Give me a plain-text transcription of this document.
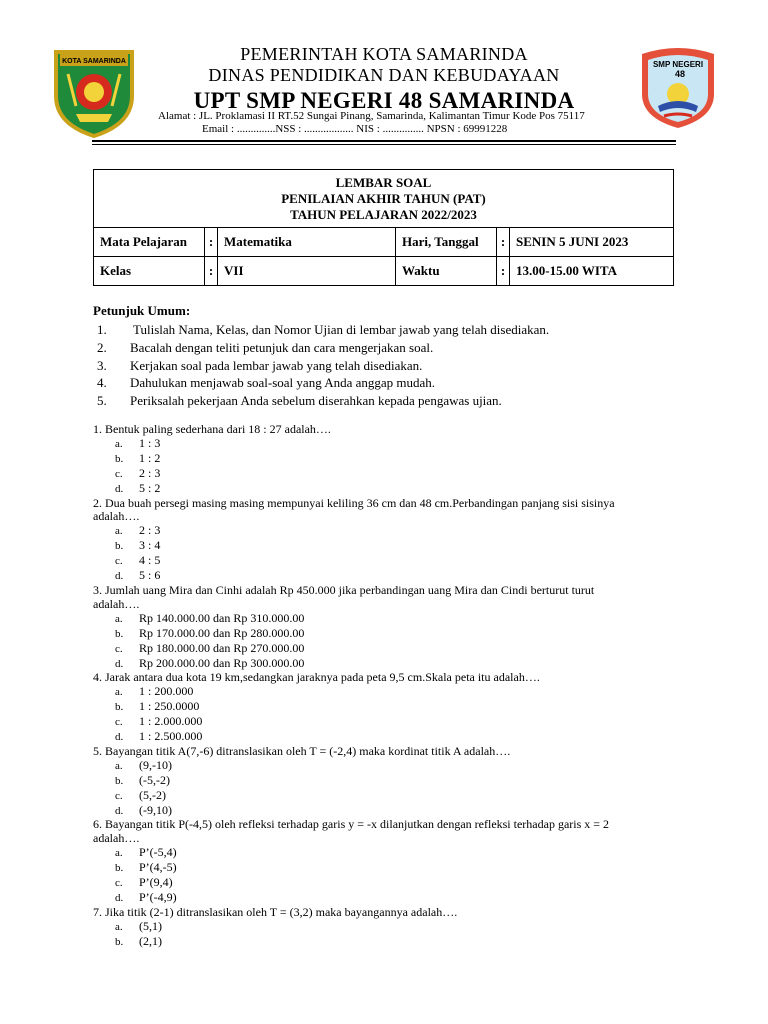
KOTA SAMARINDA	PEMERINTAH KOTA SAMARINDA
DINAS PENDIDIKAN DAN KEBUDAYAAN
UPT SMP NEGERI 48 SAMARINDA
Alamat : JL. Proklamasi II RT.52 Sungai Pinang, Samarinda, Kalimantan Timur Kode Pos 75117
Email : ..............NSS : .................. NIS : ............... NPSN : 69991228
SMP NEGERI
48
LEMBAR SOAL
PENILAIAN AKHIR TAHUN (PAT)
TAHUN PELAJARAN 2022/2023					

Mata Pelajaran	:	Matematika	Hari, Tanggal	:	SENIN 5 JUNI 2023
Kelas	:	VII	Waktu	:	13.00-15.00 WITA
Petunjuk Umum:
1. Tulislah Nama, Kelas, dan Nomor Ujian di lembar jawab yang telah disediakan.
2. Bacalah dengan teliti petunjuk dan cara mengerjakan soal.
3. Kerjakan soal pada lembar jawab yang telah disediakan.
4. Dahulukan menjawab soal-soal yang Anda anggap mudah.
5. Periksalah pekerjaan Anda sebelum diserahkan kepada pengawas ujian.
1. Bentuk paling sederhana dari 18 : 27 adalah….
a. 1 : 3
b. 1 : 2
c. 2 : 3
d. 5 : 2
2. Dua buah persegi masing masing mempunyai keliling 36 cm dan 48 cm.Perbandingan panjang sisi sisinya
adalah….
a. 2 : 3
b. 3 : 4
c. 4 : 5
d. 5 : 6
3. Jumlah uang Mira dan Cinhi adalah Rp 450.000 jika perbandingan uang Mira dan Cindi berturut turut
adalah….
a. Rp 140.000.00 dan Rp 310.000.00
b. Rp 170.000.00 dan Rp 280.000.00
c. Rp 180.000.00 dan Rp 270.000.00
d. Rp 200.000.00 dan Rp 300.000.00
4. Jarak antara dua kota 19 km,sedangkan jaraknya pada peta 9,5 cm.Skala peta itu adalah….
a. 1 : 200.000
b. 1 : 250.0000
c. 1 : 2.000.000
d. 1 : 2.500.000
5. Bayangan titik A(7,-6) ditranslasikan oleh T = (-2,4) maka kordinat titik A adalah….
a. (9,-10)
b. (-5,-2)
c. (5,-2)
d. (-9,10)
6. Bayangan titik P(-4,5) oleh refleksi terhadap garis y = -x dilanjutkan dengan refleksi terhadap garis x = 2
adalah….
a. P’(-5,4)
b. P’(4,-5)
c. P’(9,4)
d. P’(-4,9)
7. Jika titik (2-1) ditranslasikan oleh T = (3,2) maka bayangannya adalah….
a. (5,1)
b. (2,1)
